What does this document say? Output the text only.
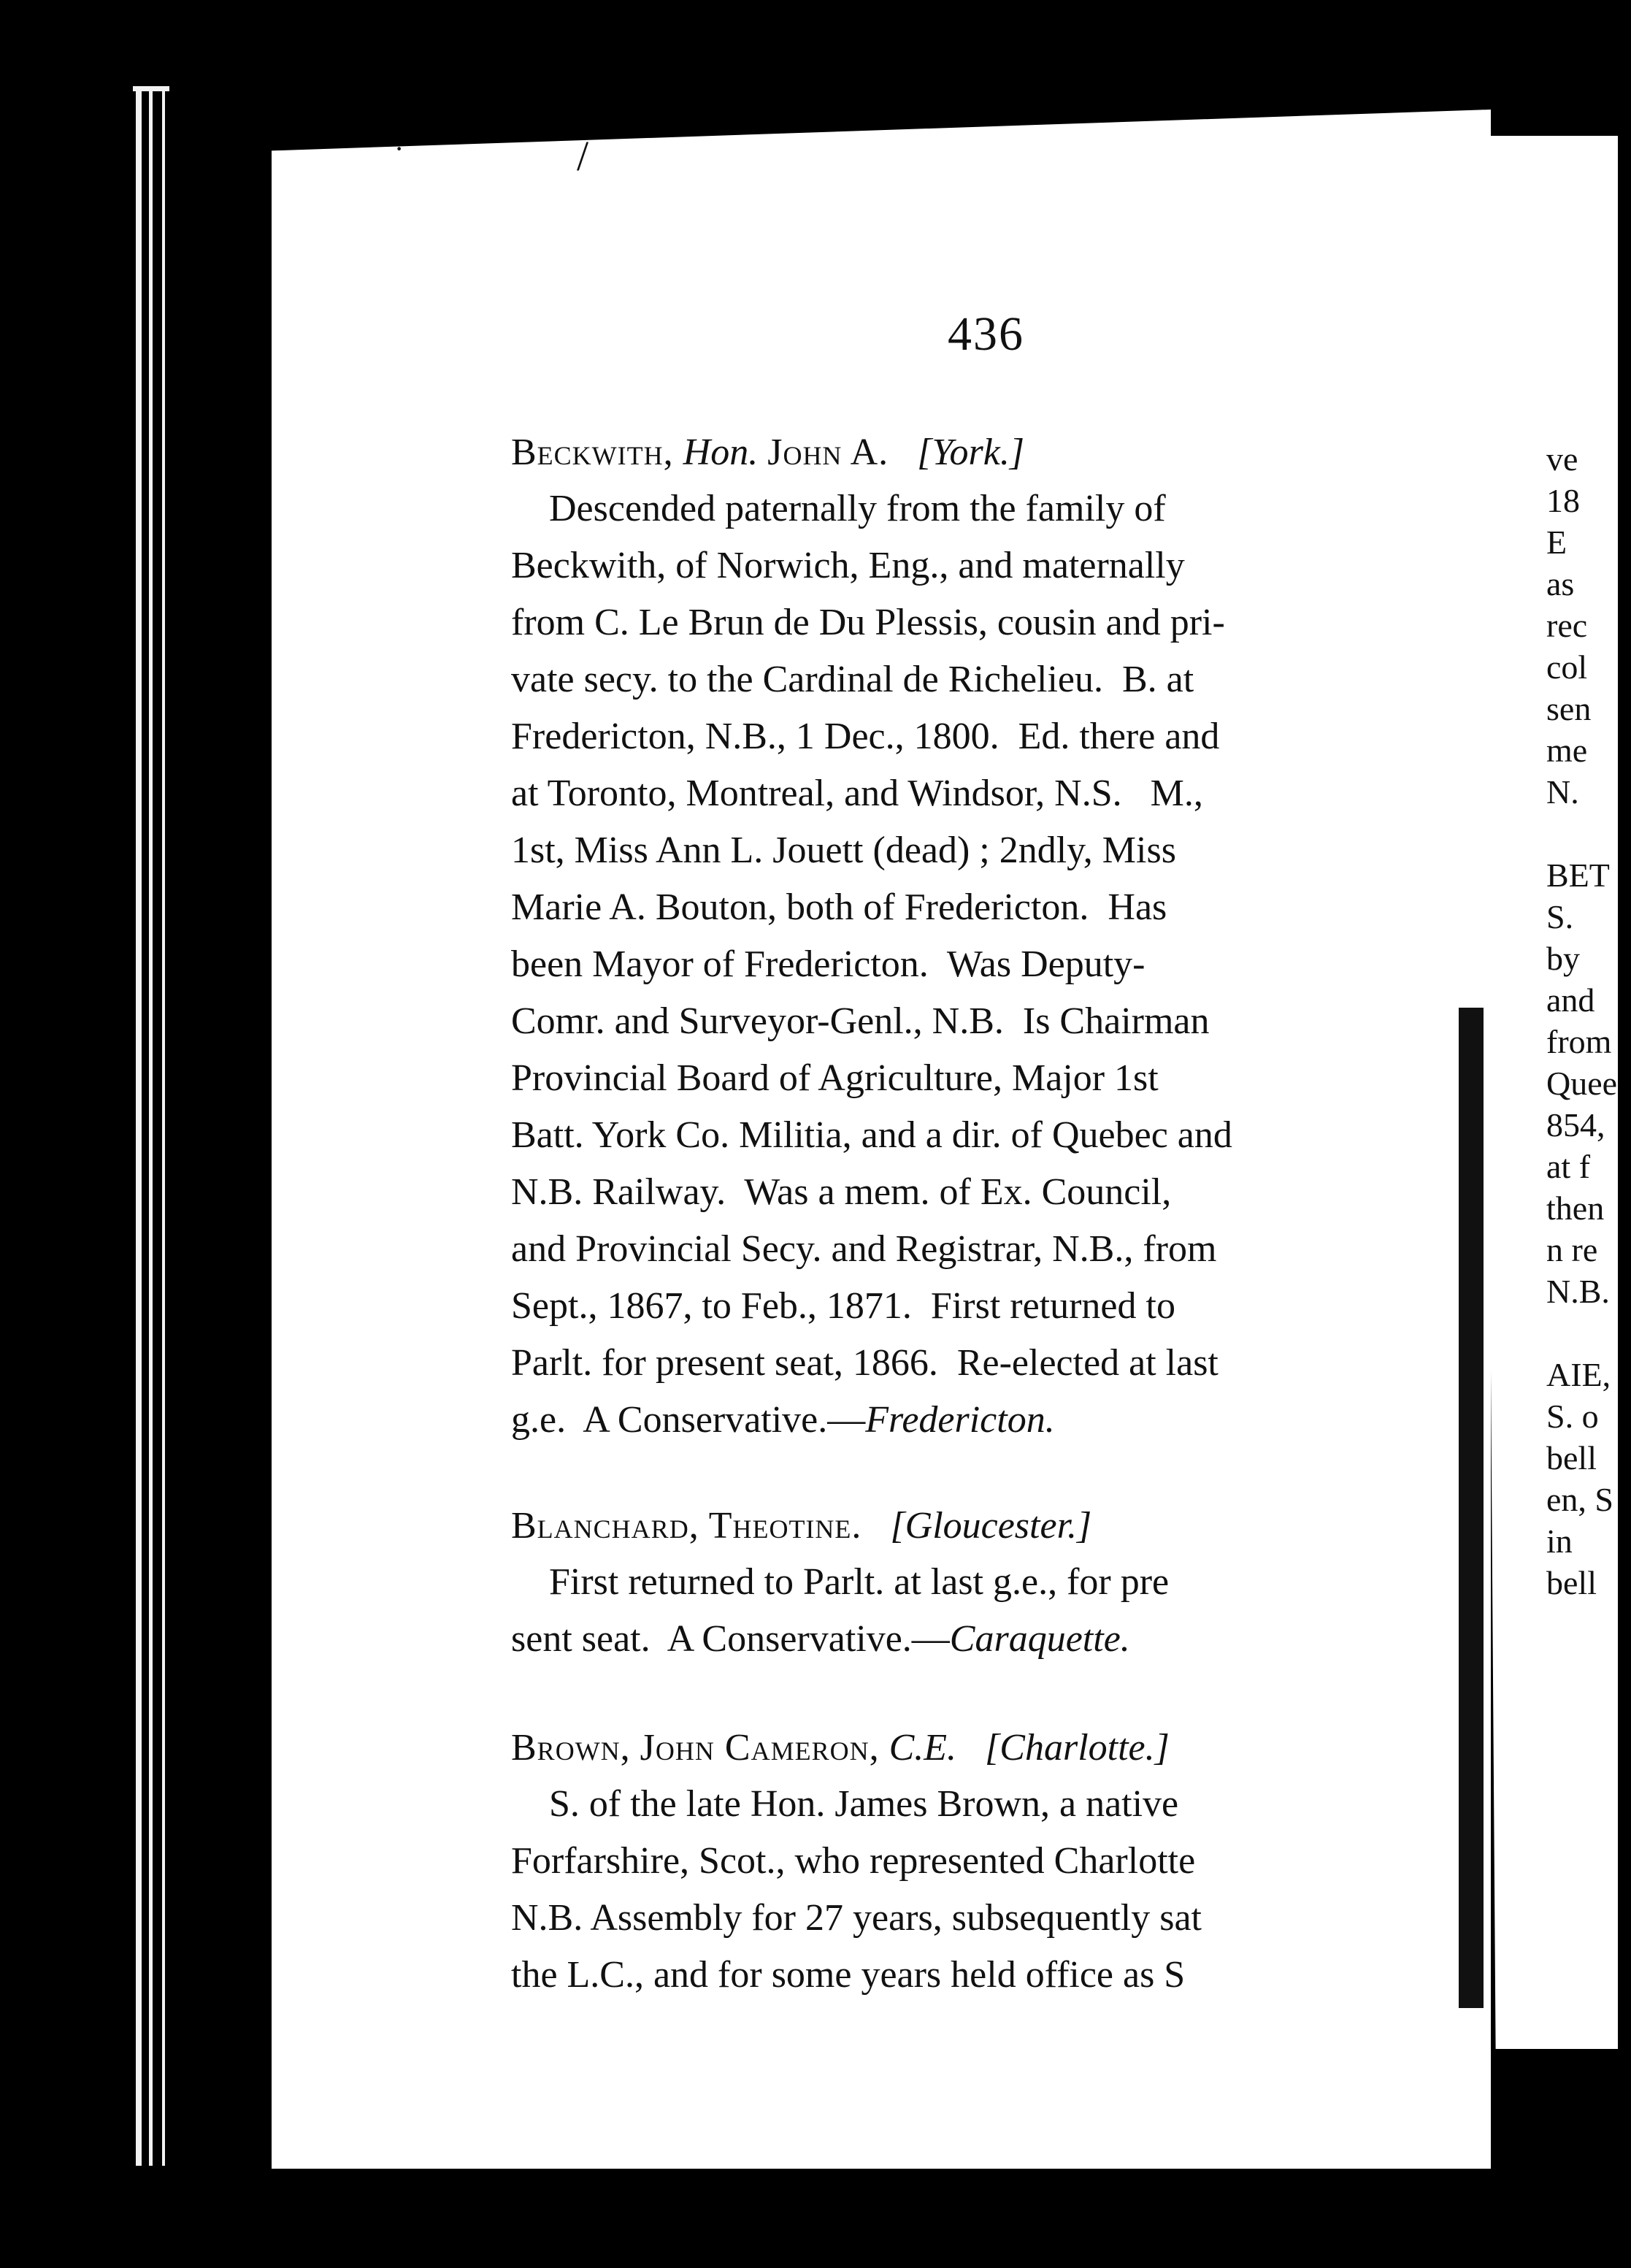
ve
18
E
as
rec
col
sen
me
N.

BET
S.
by
and
from
Quee
854,
at f
then
n re
N.B.

AIE,
S. o
bell
en, S
in
bell
·	/
436

Beckwith, Hon. John A. [York.]

Descended paternally from the family of
Beckwith, of Norwich, Eng., and maternally
from C. Le Brun de Du Plessis, cousin and pri-
vate secy. to the Cardinal de Richelieu.  B. at
Fredericton, N.B., 1 Dec., 1800.  Ed. there and
at Toronto, Montreal, and Windsor, N.S.   M.,
1st, Miss Ann L. Jouett (dead) ; 2ndly, Miss
Marie A. Bouton, both of Fredericton.  Has
been Mayor of Fredericton.  Was Deputy-
Comr. and Surveyor-Genl., N.B.  Is Chairman
Provincial Board of Agriculture, Major 1st
Batt. York Co. Militia, and a dir. of Quebec and
N.B. Railway.  Was a mem. of Ex. Council,
and Provincial Secy. and Registrar, N.B., from
Sept., 1867, to Feb., 1871.  First returned to
Parlt. for present seat, 1866.  Re-elected at last
g.e.  A Conservative.—Fredericton.

Blanchard, Theotine. [Gloucester.]

First returned to Parlt. at last g.e., for pre
sent seat.  A Conservative.—Caraquette.

Brown, John Cameron, C.E. [Charlotte.]

S. of the late Hon. James Brown, a native
Forfarshire, Scot., who represented Charlotte
N.B. Assembly for 27 years, subsequently sat
the L.C., and for some years held office as S
